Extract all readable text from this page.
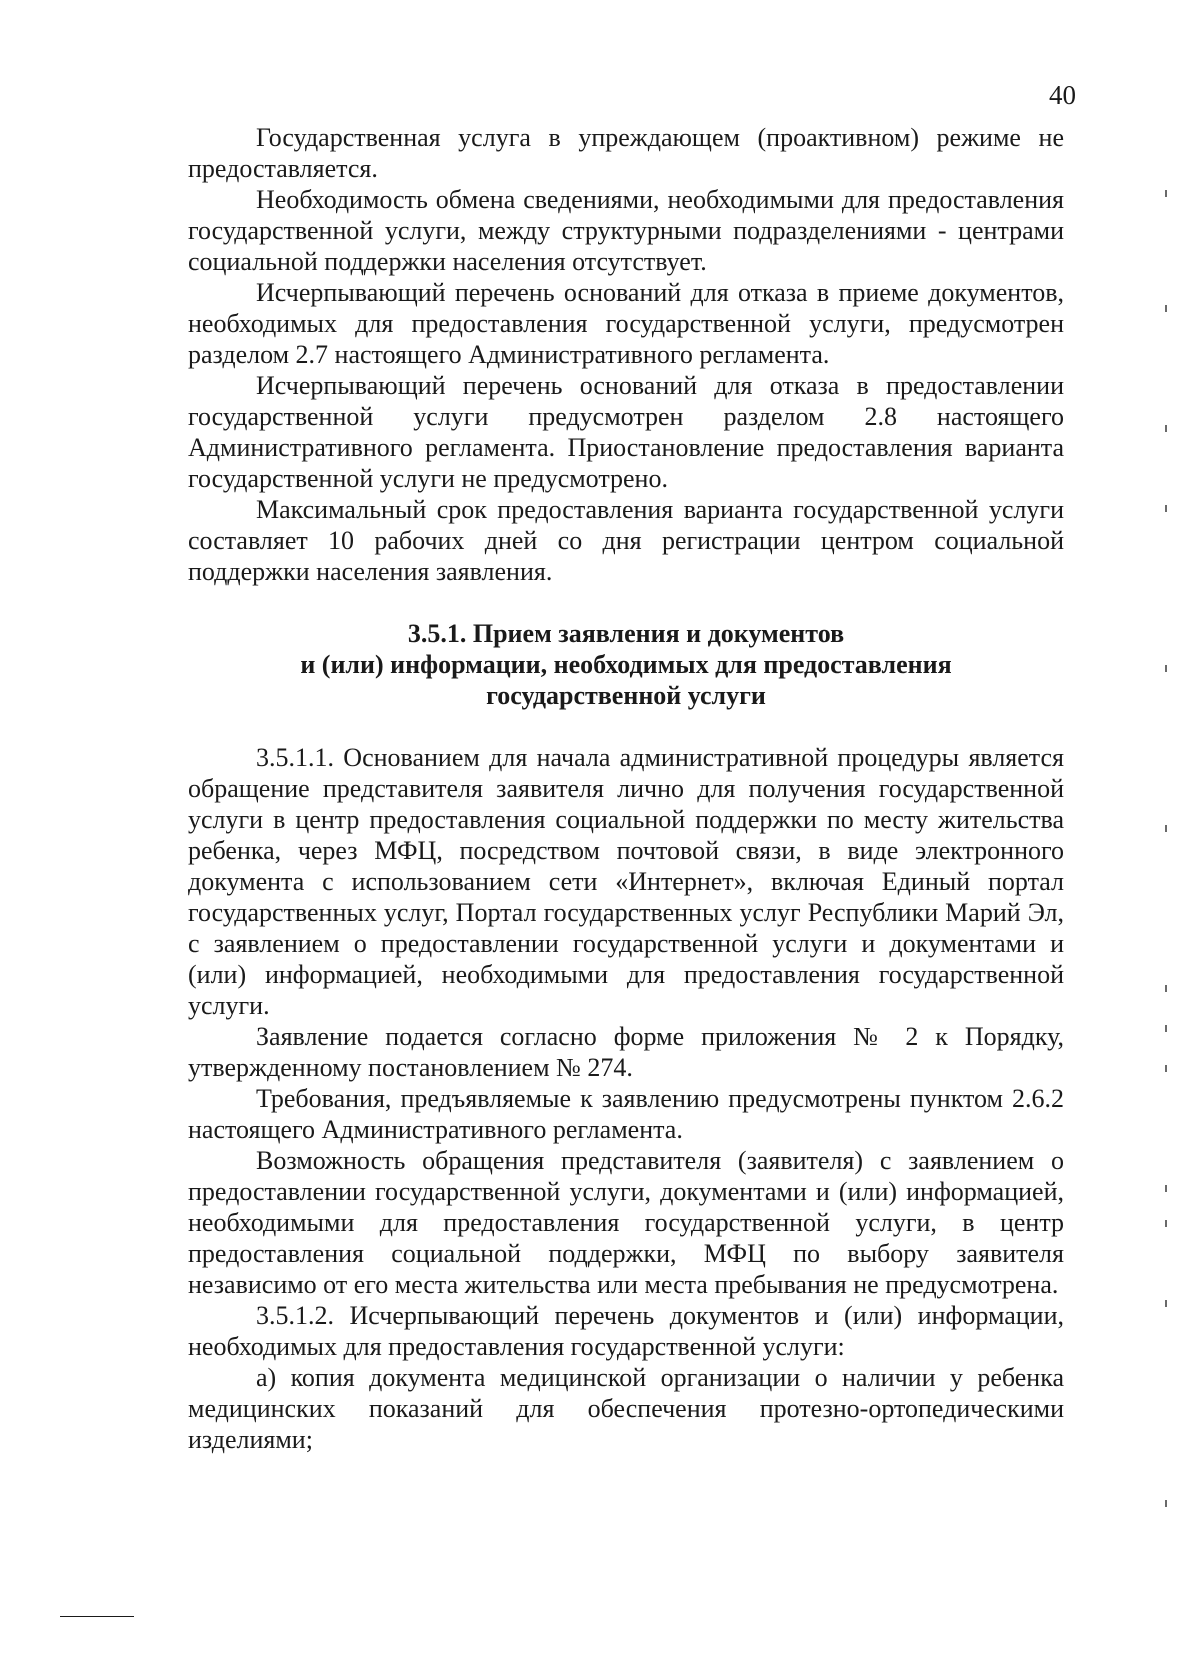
40

Государственная услуга в упреждающем (проактивном) режиме не предоставляется.

Необходимость обмена сведениями, необходимыми для предоставления государственной услуги, между структурными подразделениями - центрами социальной поддержки населения отсутствует.

Исчерпывающий перечень оснований для отказа в приеме документов, необходимых для предоставления государственной услуги, предусмотрен разделом 2.7 настоящего Административного регламента.

Исчерпывающий перечень оснований для отказа в предоставлении государственной услуги предусмотрен разделом 2.8 настоящего Административного регламента. Приостановление предоставления варианта государственной услуги не предусмотрено.

Максимальный срок предоставления варианта государственной услуги составляет 10 рабочих дней со дня регистрации центром социальной поддержки населения заявления.

3.5.1. Прием заявления и документов
и (или) информации, необходимых для предоставления
государственной услуги

3.5.1.1. Основанием для начала административной процедуры является обращение представителя заявителя лично для получения государственной услуги в центр предоставления социальной поддержки по месту жительства ребенка, через МФЦ, посредством почтовой связи, в виде электронного документа с использованием сети «Интернет», включая Единый портал государственных услуг, Портал государственных услуг Республики Марий Эл, с заявлением о предоставлении государственной услуги и документами и (или) информацией, необходимыми для предоставления государственной услуги.

Заявление подается согласно форме приложения № 2 к Порядку, утвержденному постановлением № 274.

Требования, предъявляемые к заявлению предусмотрены пунктом 2.6.2 настоящего Административного регламента.

Возможность обращения представителя (заявителя) с заявлением о предоставлении государственной услуги, документами и (или) информацией, необходимыми для предоставления государственной услуги, в центр предоставления социальной поддержки, МФЦ по выбору заявителя независимо от его места жительства или места пребывания не предусмотрена.

3.5.1.2. Исчерпывающий перечень документов и (или) информации, необходимых для предоставления государственной услуги:

а) копия документа медицинской организации о наличии у ребенка медицинских показаний для обеспечения протезно-ортопедическими изделиями;
